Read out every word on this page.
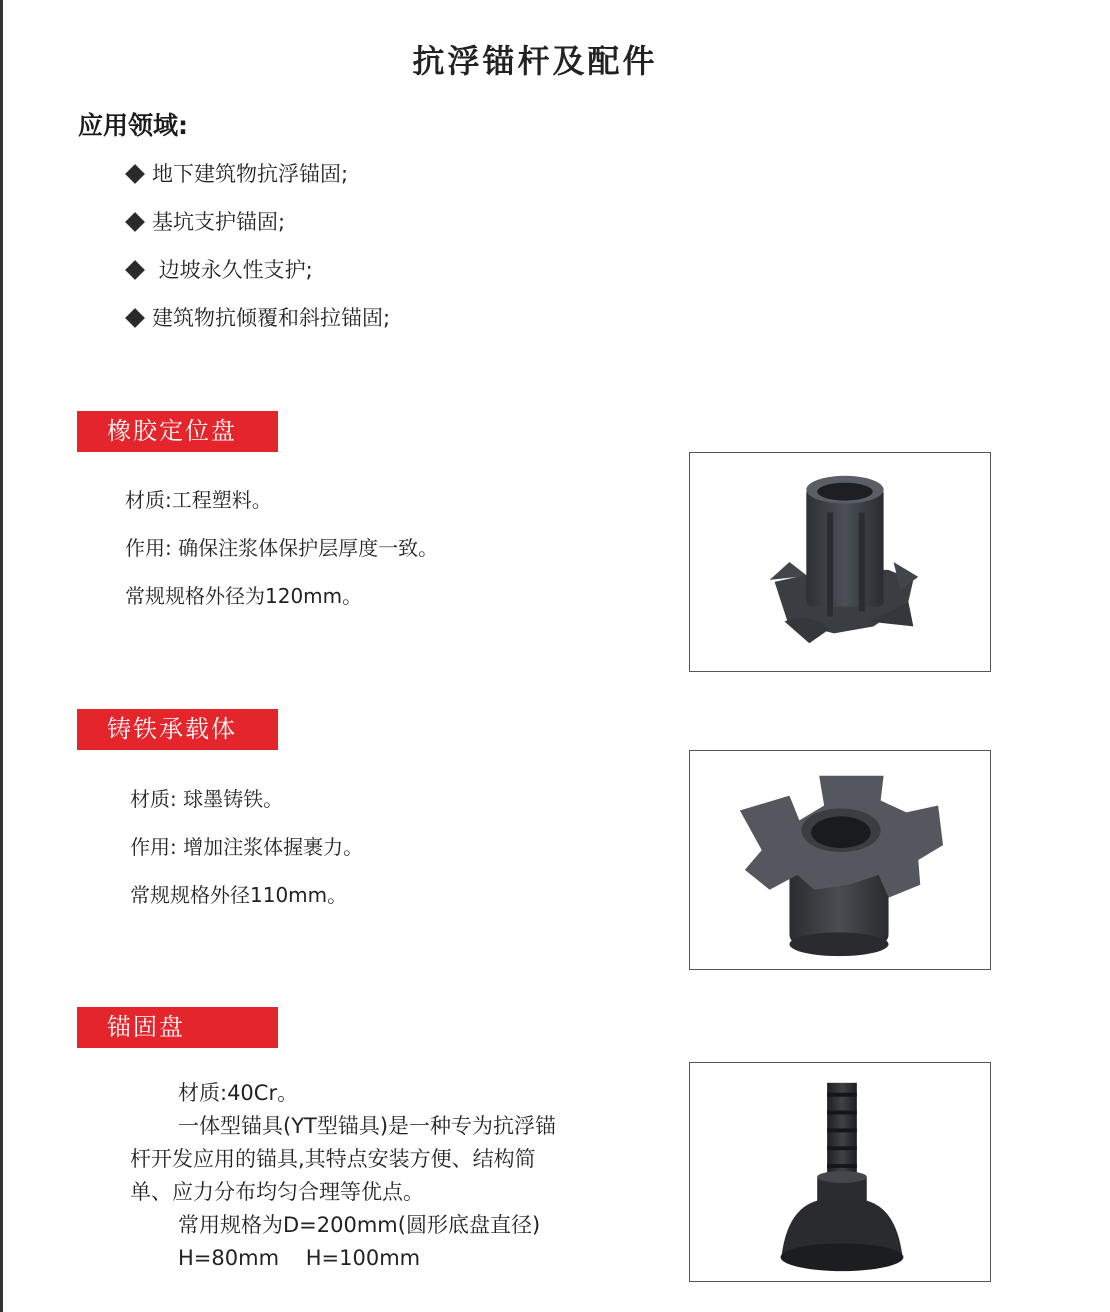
抗浮锚杆及配件
应用领域:
地下建筑物抗浮锚固;
基坑支护锚固;
边坡永久性支护;
建筑物抗倾覆和斜拉锚固;
橡胶定位盘
材质:工程塑料。
作用: 确保注浆体保护层厚度一致。
常规规格外径为120mm。
铸铁承载体
材质: 球墨铸铁。
作用: 增加注浆体握裹力。
常规规格外径110mm。
锚固盘
材质:40Cr。
一体型锚具(YT型锚具)是一种专为抗浮锚
杆开发应用的锚具,其特点安装方便、结构简
单、应力分布均匀合理等优点。
常用规格为D=200mm(圆形底盘直径)
H=80mm    H=100mm
